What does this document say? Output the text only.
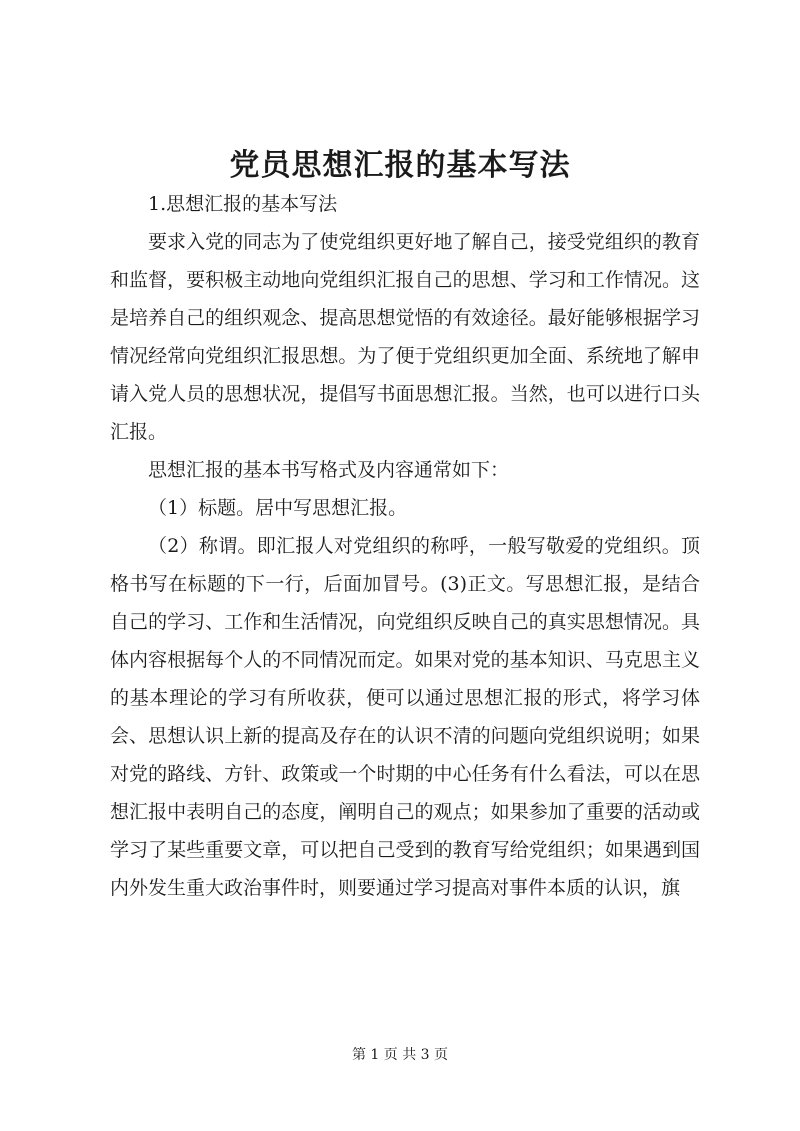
党员思想汇报的基本写法

1.思想汇报的基本写法

要求入党的同志为了使党组织更好地了解自己，接受党组织的教育和监督，要积极主动地向党组织汇报自己的思想、学习和工作情况。这是培养自己的组织观念、提高思想觉悟的有效途径。最好能够根据学习情况经常向党组织汇报思想。为了便于党组织更加全面、系统地了解申请入党人员的思想状况，提倡写书面思想汇报。当然，也可以进行口头汇报。

思想汇报的基本书写格式及内容通常如下：

（1）标题。居中写思想汇报。

（2）称谓。即汇报人对党组织的称呼，一般写敬爱的党组织。顶格书写在标题的下一行，后面加冒号。(3)正文。写思想汇报，是结合自己的学习、工作和生活情况，向党组织反映自己的真实思想情况。具体内容根据每个人的不同情况而定。如果对党的基本知识、马克思主义的基本理论的学习有所收获，便可以通过思想汇报的形式，将学习体会、思想认识上新的提高及存在的认识不清的问题向党组织说明；如果对党的路线、方针、政策或一个时期的中心任务有什么看法，可以在思想汇报中表明自己的态度，阐明自己的观点；如果参加了重要的活动或学习了某些重要文章，可以把自己受到的教育写给党组织；如果遇到国内外发生重大政治事件时，则要通过学习提高对事件本质的认识，旗

第 1 页 共 3 页
